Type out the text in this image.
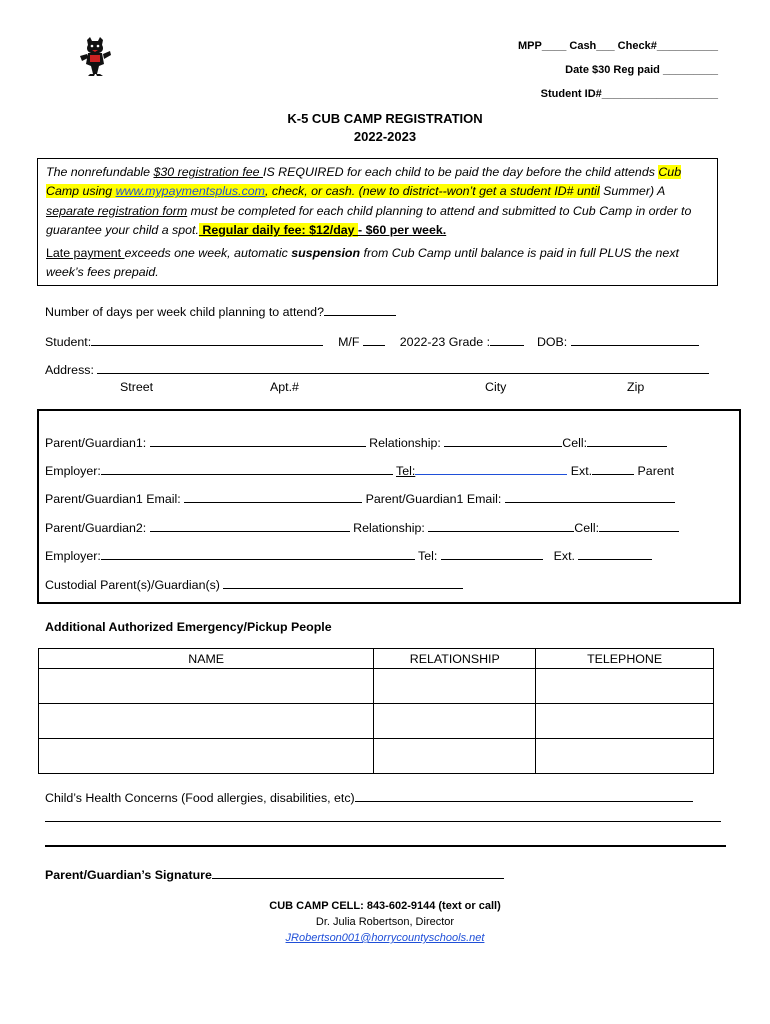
MPP____ Cash___ Check#__________
Date $30 Reg paid _________
Student ID#___________________
K-5 CUB CAMP REGISTRATION
2022-2023

The nonrefundable $30 registration fee IS REQUIRED for each child to be paid the day before the child attends Cub Camp using www.mypaymentsplus.com, check, or cash. (new to district--won’t get a student ID# until Summer) A separate registration form must be completed for each child planning to attend and submitted to Cub Camp in order to guarantee your child a spot. Regular daily fee: $12/day - $60 per week.

Late payment exceeds one week, automatic suspension from Cub Camp until balance is paid in full PLUS the next week’s fees prepaid.

Number of days per week child planning to attend?
Student:	M/F	2022-23 Grade :	DOB:
Address:
Street	Apt.#	City	Zip
Parent/Guardian1:	Relationship:	Cell:
Employer:	Tel:	Ext.	Parent
Parent/Guardian1 Email:	Parent/Guardian1 Email:
Parent/Guardian2:	Relationship:	Cell:
Employer:	Tel:	Ext.
Custodial Parent(s)/Guardian(s)
Additional Authorized Emergency/Pickup People
NAME	RELATIONSHIP	TELEPHONE

Child’s Health Concerns (Food allergies, disabilities, etc)
Parent/Guardian’s Signature
CUB CAMP CELL: 843-602-9144 (text or call)
Dr. Julia Robertson, Director
JRobertson001@horrycountyschools.net
